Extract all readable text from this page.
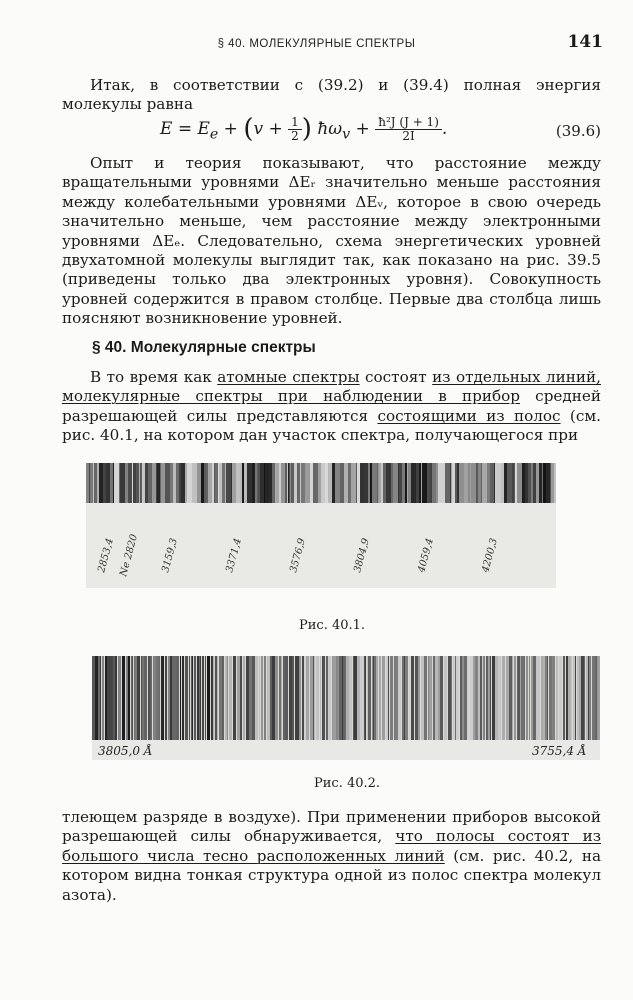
§ 40. МОЛЕКУЛЯРНЫЕ СПЕКТРЫ	141

Итак, в соответствии с (39.2) и (39.4) полная энергия молекулы равна

$E = E_e + (v + \frac{1}{2}$ ) $ħ\omega_v + \frac{\text{ħ²J (J + 1)}}{2I}$ .	(39.6)

Опыт и теория показывают, что расстояние между вращательными уровнями ΔEᵣ значительно меньше расстояния между колебательными уровнями ΔEᵥ, которое в свою очередь значительно меньше, чем расстояние между электронными уровнями ΔEₑ. Следовательно, схема энергетических уровней двухатомной молекулы выглядит так, как показано на рис. 39.5 (приведены только два электронных уровня). Совокупность уровней содержится в правом столбце. Первые два столбца лишь поясняют возникновение уровней.

§ 40. Молекулярные спектры

В то время как атомные спектры состоят из отдельных линий, молекулярные спектры при наблюдении в прибор средней разрешающей силы представляются состоящими из полос (см. рис. 40.1, на котором дан участок спектра, получающегося при

2853,4	3159,3	3371,4	3576,9	3804,9	4059,4	4200,3
Ne 2820
Рис. 40.1.
3805,0 Å	3755,4 Å
Рис. 40.2.

тлеющем разряде в воздухе). При применении приборов высокой разрешающей силы обнаруживается, что полосы состоят из большого числа тесно расположенных линий (см. рис. 40.2, на котором видна тонкая структура одной из полос спектра молекул азота).
